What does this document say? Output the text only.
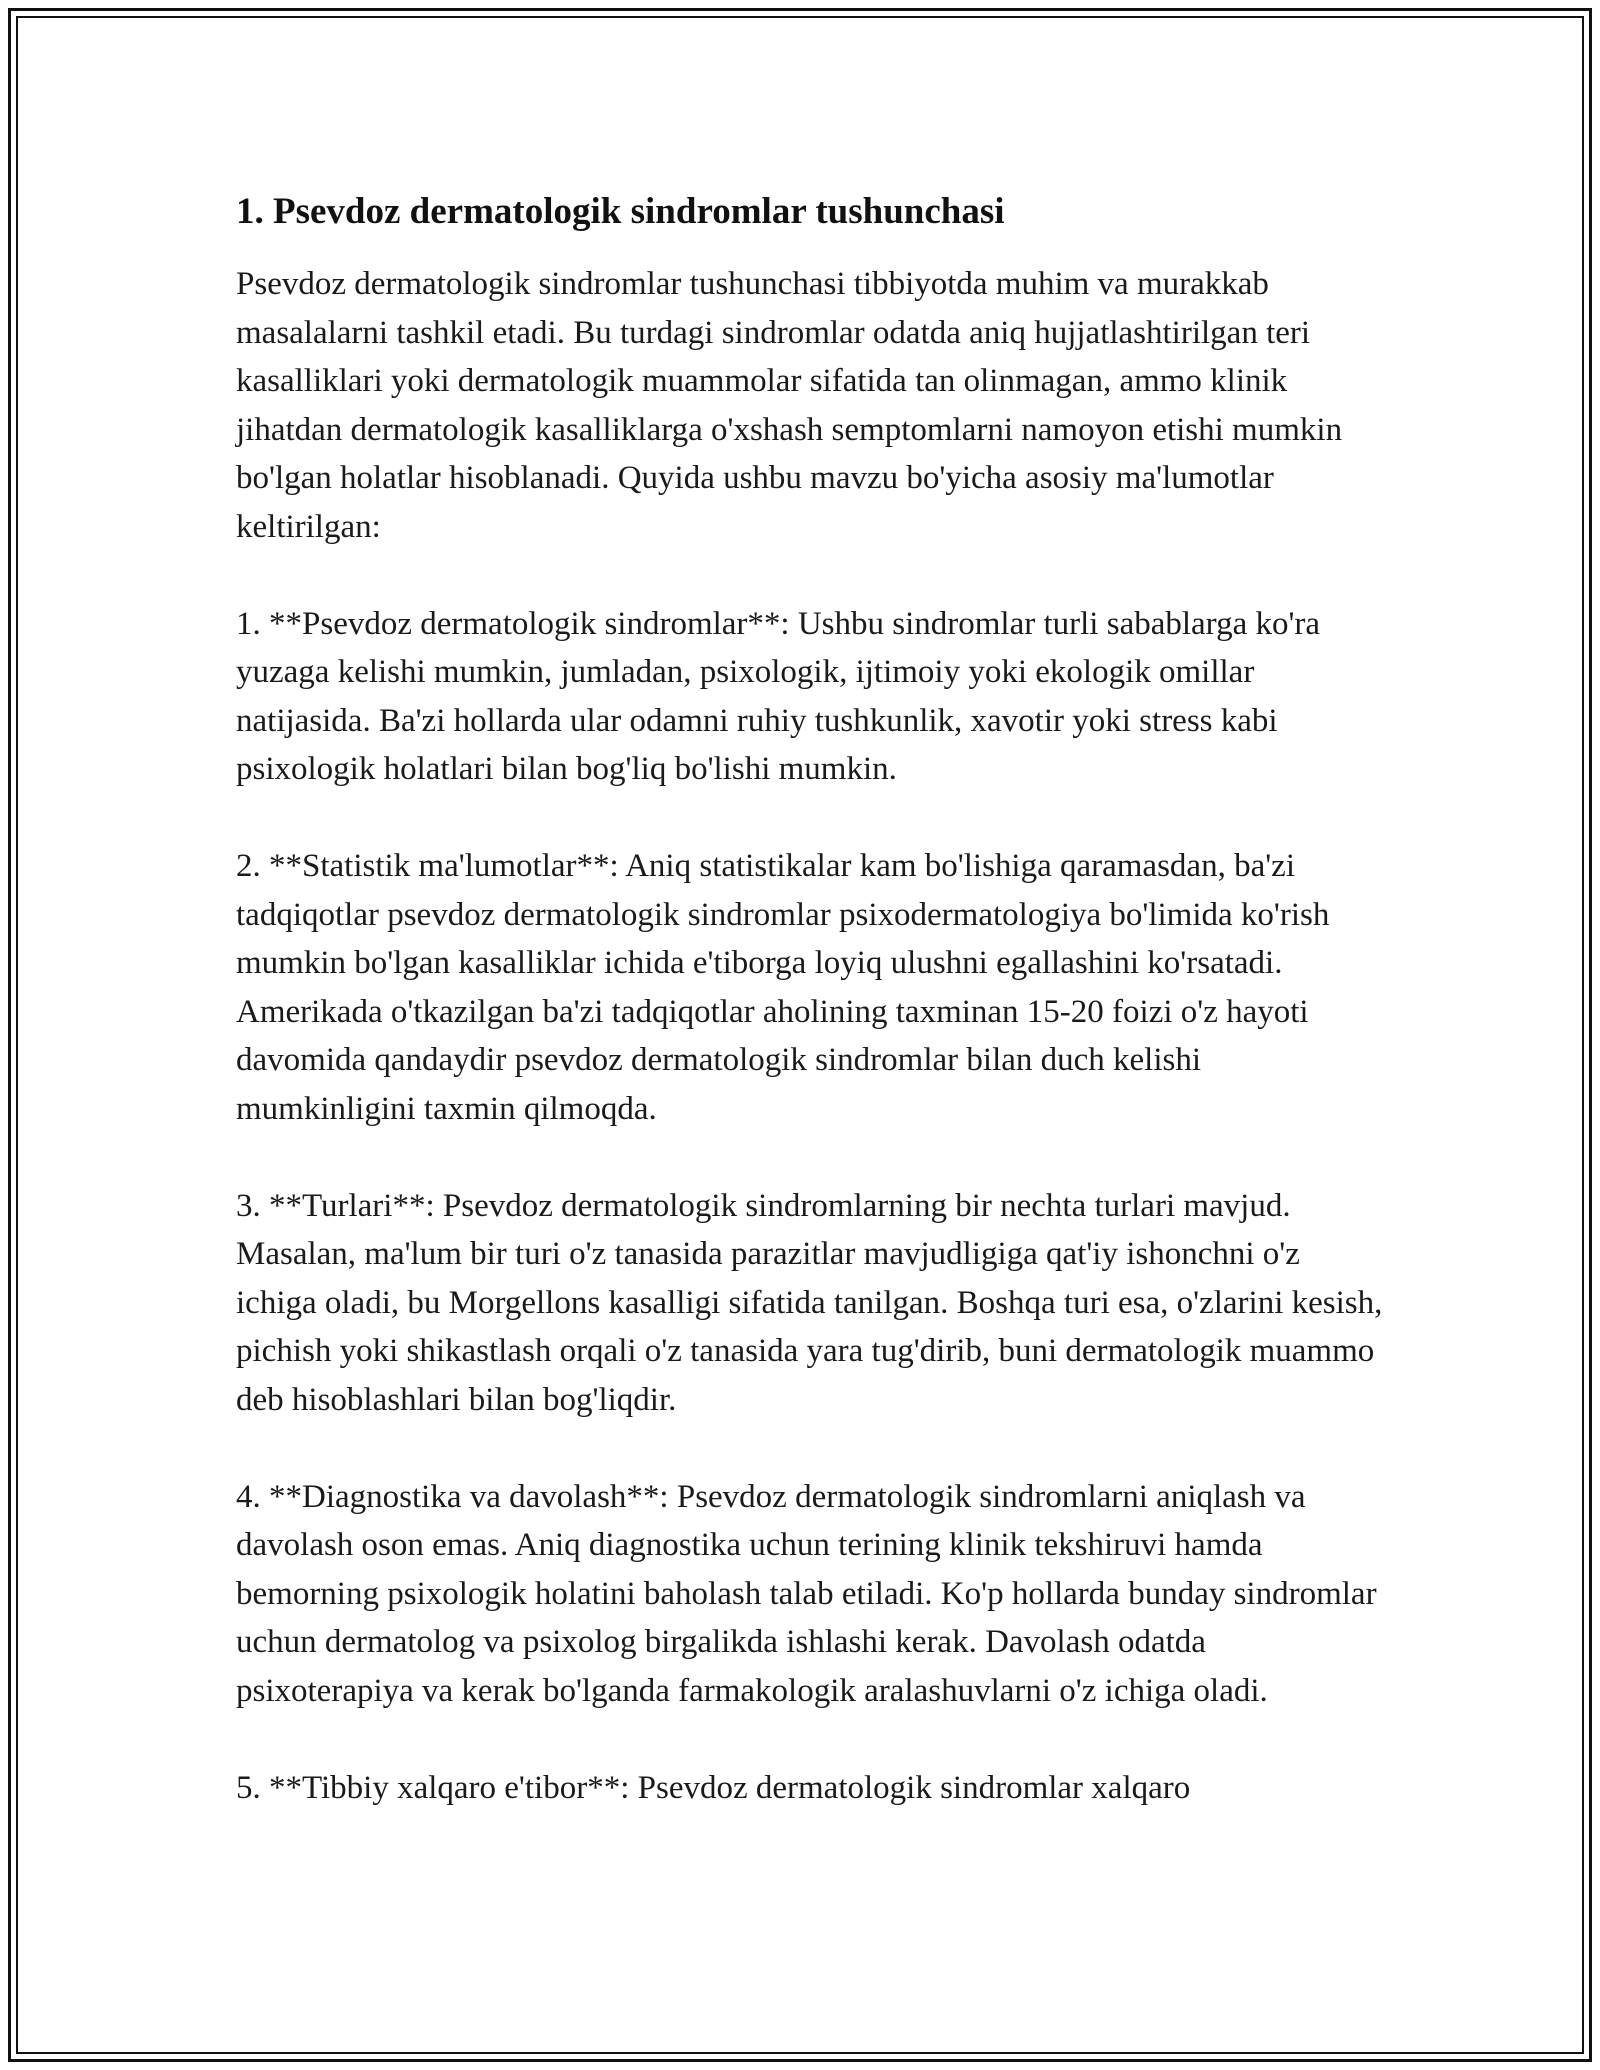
1. Psevdoz dermatologik sindromlar tushunchasi

Psevdoz dermatologik sindromlar tushunchasi tibbiyotda muhim va murakkab masalalarni tashkil etadi. Bu turdagi sindromlar odatda aniq hujjatlashtirilgan teri kasalliklari yoki dermatologik muammolar sifatida tan olinmagan, ammo klinik jihatdan dermatologik kasalliklarga o'xshash semptomlarni namoyon etishi mumkin bo'lgan holatlar hisoblanadi. Quyida ushbu mavzu bo'yicha asosiy ma'lumotlar keltirilgan:

1. **Psevdoz dermatologik sindromlar**: Ushbu sindromlar turli sabablarga ko'ra yuzaga kelishi mumkin, jumladan, psixologik, ijtimoiy yoki ekologik omillar natijasida. Ba'zi hollarda ular odamni ruhiy tushkunlik, xavotir yoki stress kabi psixologik holatlari bilan bog'liq bo'lishi mumkin.

2. **Statistik ma'lumotlar**: Aniq statistikalar kam bo'lishiga qaramasdan, ba'zi tadqiqotlar psevdoz dermatologik sindromlar psixodermatologiya bo'limida ko'rish mumkin bo'lgan kasalliklar ichida e'tiborga loyiq ulushni egallashini ko'rsatadi. Amerikada o'tkazilgan ba'zi tadqiqotlar aholining taxminan 15-20 foizi o'z hayoti davomida qandaydir psevdoz dermatologik sindromlar bilan duch kelishi mumkinligini taxmin qilmoqda.

3. **Turlari**: Psevdoz dermatologik sindromlarning bir nechta turlari mavjud. Masalan, ma'lum bir turi o'z tanasida parazitlar mavjudligiga qat'iy ishonchni o'z ichiga oladi, bu Morgellons kasalligi sifatida tanilgan. Boshqa turi esa, o'zlarini kesish, pichish yoki shikastlash orqali o'z tanasida yara tug'dirib, buni dermatologik muammo deb hisoblashlari bilan bog'liqdir.

4. **Diagnostika va davolash**: Psevdoz dermatologik sindromlarni aniqlash va davolash oson emas. Aniq diagnostika uchun terining klinik tekshiruvi hamda bemorning psixologik holatini baholash talab etiladi. Ko'p hollarda bunday sindromlar uchun dermatolog va psixolog birgalikda ishlashi kerak. Davolash odatda psixoterapiya va kerak bo'lganda farmakologik aralashuvlarni o'z ichiga oladi.

5. **Tibbiy xalqaro e'tibor**: Psevdoz dermatologik sindromlar xalqaro
